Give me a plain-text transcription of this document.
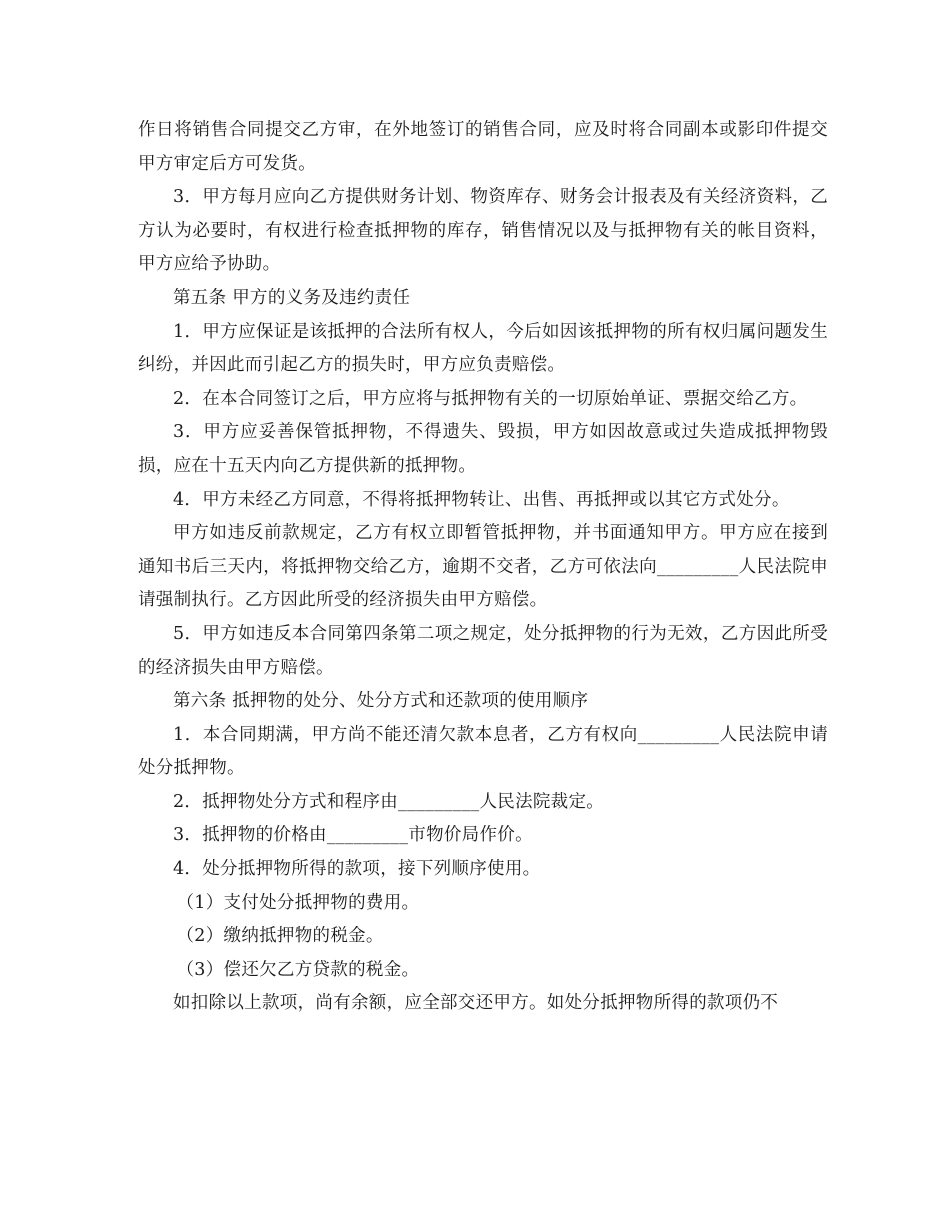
作日将销售合同提交乙方审，在外地签订的销售合同，应及时将合同副本或影印件提交甲方审定后方可发货。

3．甲方每月应向乙方提供财务计划、物资库存、财务会计报表及有关经济资料，乙方认为必要时，有权进行检查抵押物的库存，销售情况以及与抵押物有关的帐目资料，甲方应给予协助。

第五条 甲方的义务及违约责任

1．甲方应保证是该抵押的合法所有权人，今后如因该抵押物的所有权归属问题发生纠纷，并因此而引起乙方的损失时，甲方应负责赔偿。

2．在本合同签订之后，甲方应将与抵押物有关的一切原始单证、票据交给乙方。

3．甲方应妥善保管抵押物，不得遗失、毁损，甲方如因故意或过失造成抵押物毁损，应在十五天内向乙方提供新的抵押物。

4．甲方未经乙方同意，不得将抵押物转让、出售、再抵押或以其它方式处分。

甲方如违反前款规定，乙方有权立即暂管抵押物，并书面通知甲方。甲方应在接到通知书后三天内，将抵押物交给乙方，逾期不交者，乙方可依法向_________人民法院申请强制执行。乙方因此所受的经济损失由甲方赔偿。

5．甲方如违反本合同第四条第二项之规定，处分抵押物的行为无效，乙方因此所受的经济损失由甲方赔偿。

第六条 抵押物的处分、处分方式和还款项的使用顺序

1．本合同期满，甲方尚不能还清欠款本息者，乙方有权向_________人民法院申请处分抵押物。

2．抵押物处分方式和程序由_________人民法院裁定。

3．抵押物的价格由_________市物价局作价。

4．处分抵押物所得的款项，接下列顺序使用。

（1）支付处分抵押物的费用。

（2）缴纳抵押物的税金。

（3）偿还欠乙方贷款的税金。

如扣除以上款项，尚有余额，应全部交还甲方。如处分抵押物所得的款项仍不
